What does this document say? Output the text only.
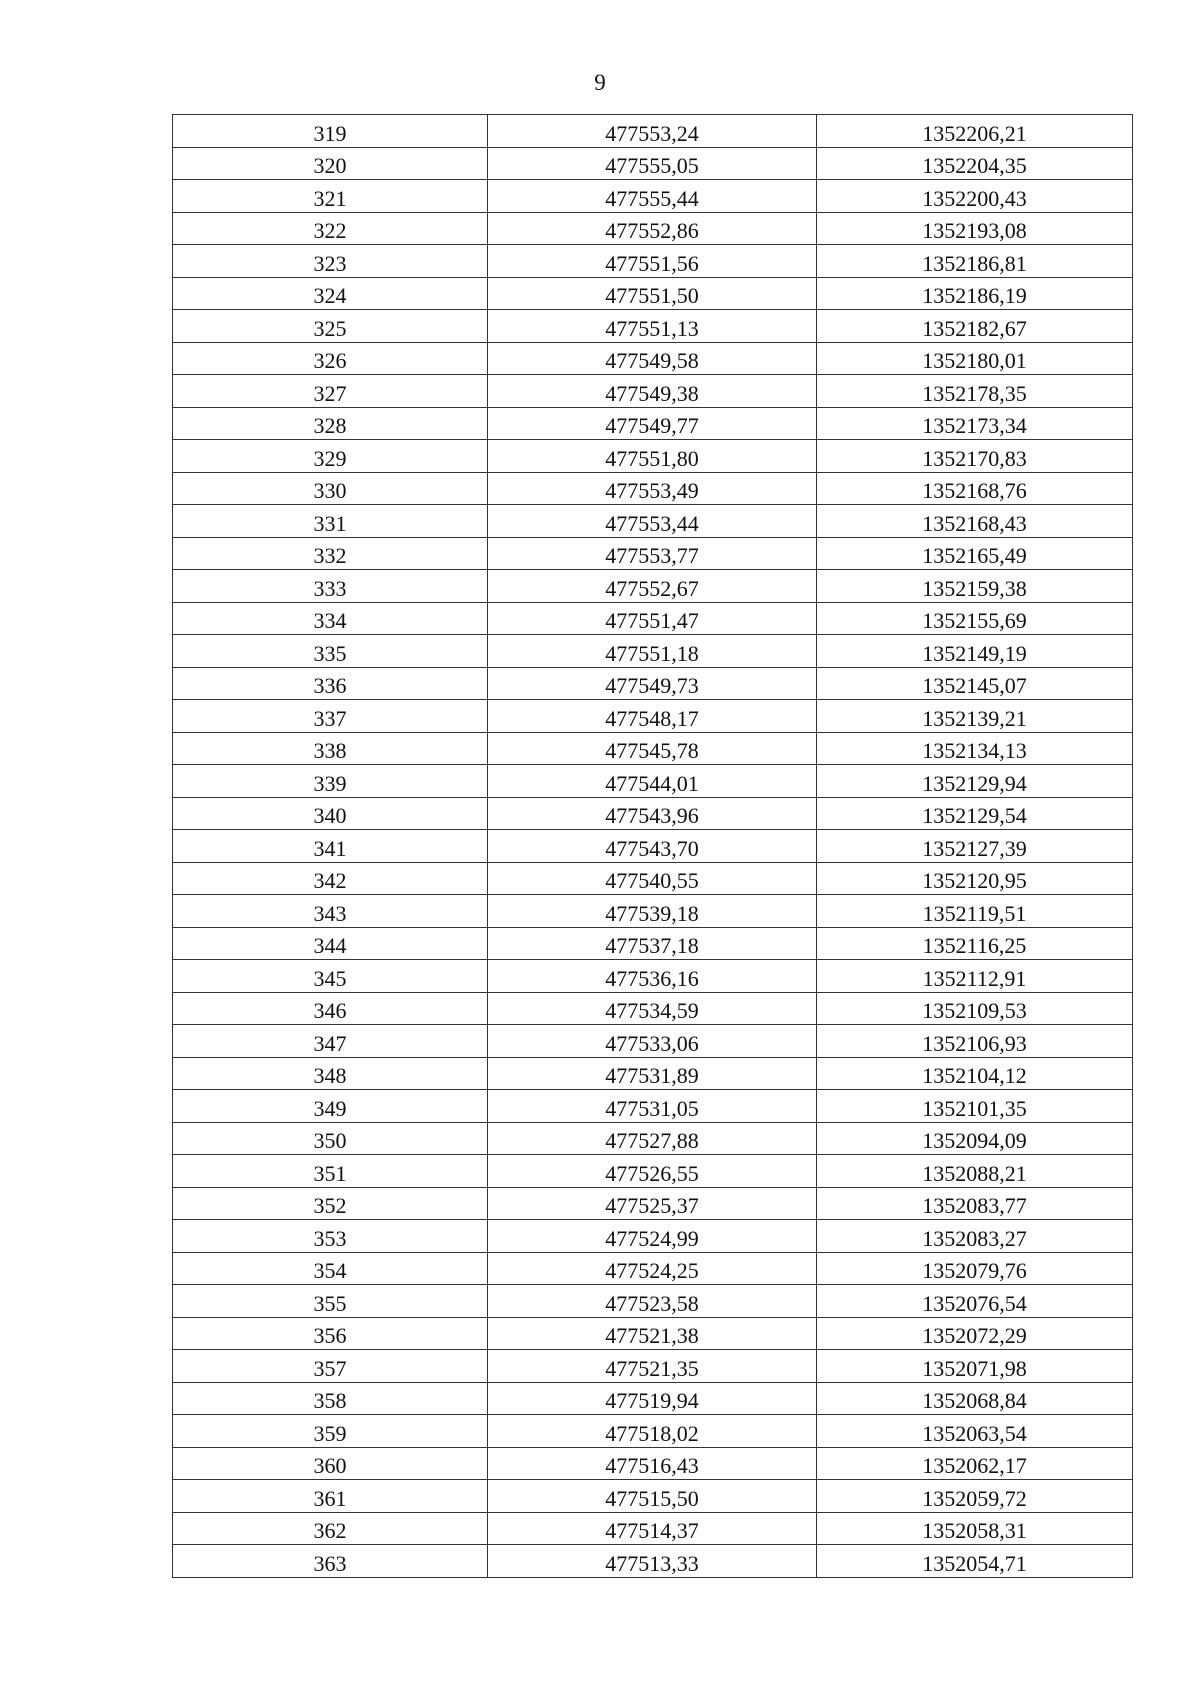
9
319	477553,24	1352206,21
320	477555,05	1352204,35
321	477555,44	1352200,43
322	477552,86	1352193,08
323	477551,56	1352186,81
324	477551,50	1352186,19
325	477551,13	1352182,67
326	477549,58	1352180,01
327	477549,38	1352178,35
328	477549,77	1352173,34
329	477551,80	1352170,83
330	477553,49	1352168,76
331	477553,44	1352168,43
332	477553,77	1352165,49
333	477552,67	1352159,38
334	477551,47	1352155,69
335	477551,18	1352149,19
336	477549,73	1352145,07
337	477548,17	1352139,21
338	477545,78	1352134,13
339	477544,01	1352129,94
340	477543,96	1352129,54
341	477543,70	1352127,39
342	477540,55	1352120,95
343	477539,18	1352119,51
344	477537,18	1352116,25
345	477536,16	1352112,91
346	477534,59	1352109,53
347	477533,06	1352106,93
348	477531,89	1352104,12
349	477531,05	1352101,35
350	477527,88	1352094,09
351	477526,55	1352088,21
352	477525,37	1352083,77
353	477524,99	1352083,27
354	477524,25	1352079,76
355	477523,58	1352076,54
356	477521,38	1352072,29
357	477521,35	1352071,98
358	477519,94	1352068,84
359	477518,02	1352063,54
360	477516,43	1352062,17
361	477515,50	1352059,72
362	477514,37	1352058,31
363	477513,33	1352054,71
